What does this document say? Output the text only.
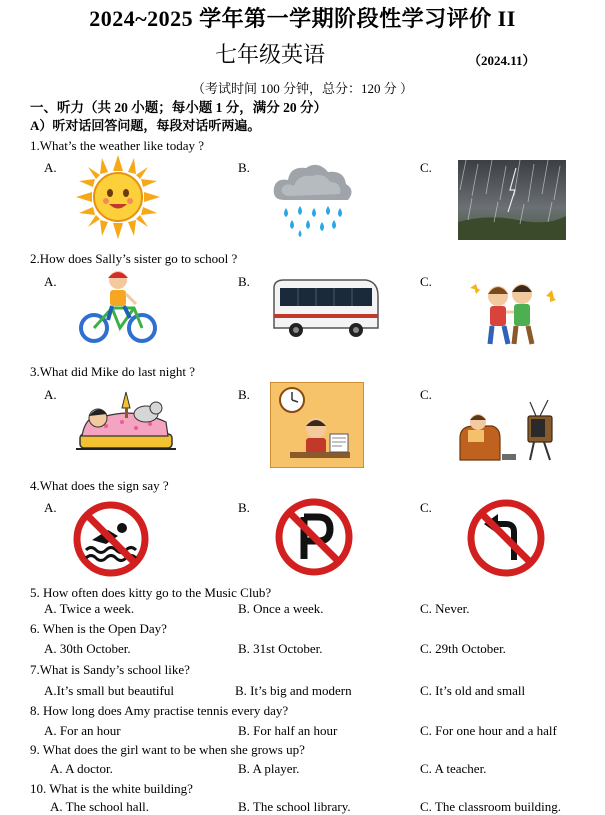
2024~2025 学年第一学期阶段性学习评价 II
七年级英语	（2024.11）
（考试时间 100 分钟，总分：120 分 ）
一、听力（共 20 小题；每小题 1 分，满分 20 分）
A）听对话回答问题，每段对话听两遍。
1.What’s the weather like today ?
A.	B.	C.
2.How does Sally’s sister go to school ?
A.	B.	C.
3.What did Mike do last night ?
A.	B.	C.
4.What does the sign say ?
A.	B.	C.
5. How often does kitty go to the Music Club?
A. Twice a week.	B. Once a week.	C. Never.
6. When is the Open Day?
A. 30th October.	B. 31st October.	C. 29th October.
7.What is Sandy’s school like?
A.It’s small but beautiful	B. It’s big and modern	C. It’s old and small
8. How long does Amy practise tennis every day?
A. For an hour	B. For half an hour	C. For one hour and a half
9. What does the girl want to be when she grows up?
A. A doctor.	B. A player.	C. A teacher.
10. What is the white building?
A. The school hall.	B. The school library.	C. The classroom building.
